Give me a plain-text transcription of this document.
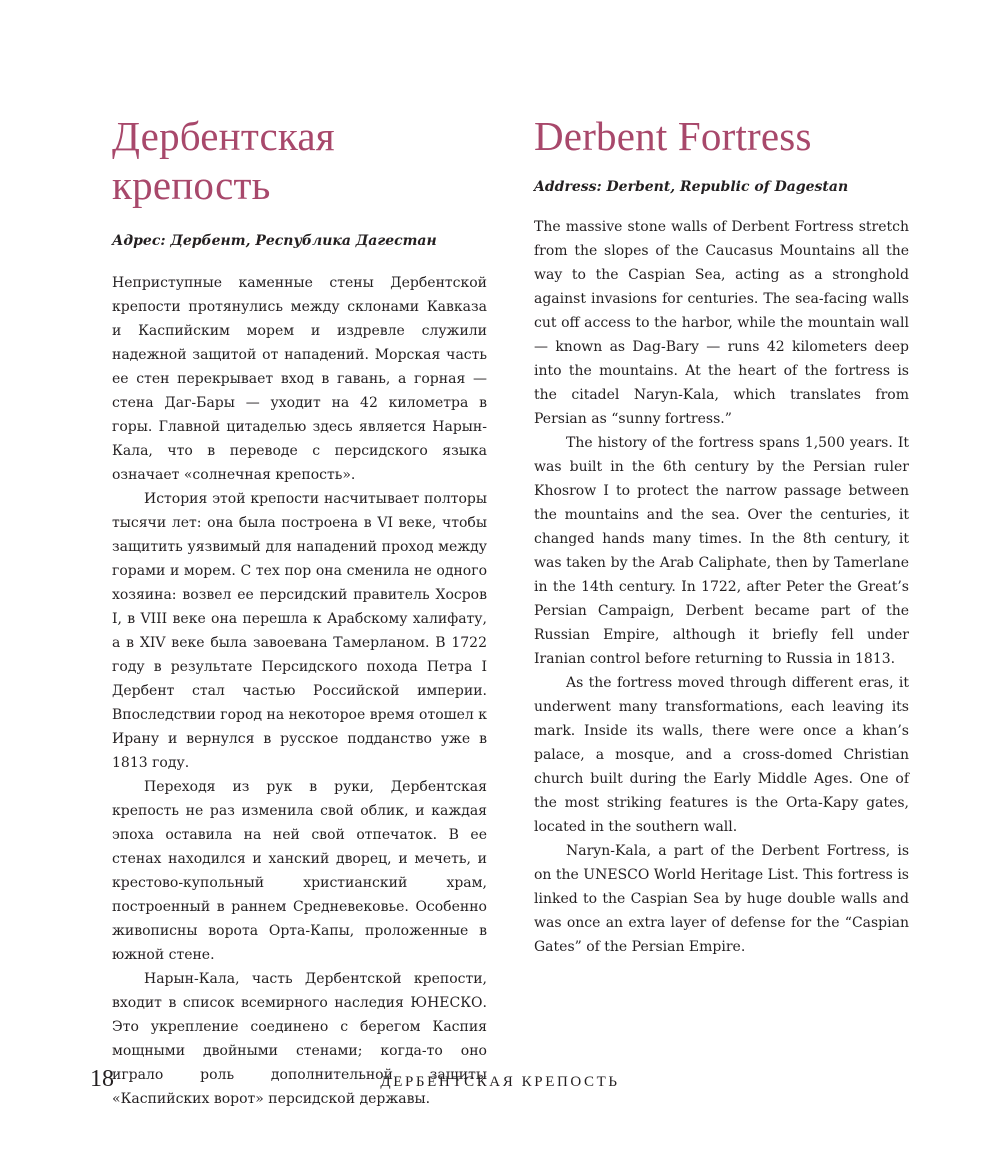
Дербентская крепость

Адрес: Дербент, Республика Дагестан

Неприступные каменные стены Дербентской крепости протянулись между склонами Кавказа и Каспийским морем и издревле служили надежной защитой от нападений. Морская часть ее стен перекрывает вход в гавань, а горная — стена Даг-Бары — уходит на 42 километра в горы. Главной цитаделью здесь является Нарын-Кала, что в переводе с персидского языка означает «солнечная крепость».

История этой крепости насчитывает полторы тысячи лет: она была построена в VI веке, чтобы защитить уязвимый для нападений проход между горами и морем. С тех пор она сменила не одного хозяина: возвел ее персидский правитель Хосров I, в VIII веке она перешла к Арабскому халифату, а в XIV веке была завоевана Тамерланом. В 1722 году в результате Персидского похода Петра I Дербент стал частью Российской империи. Впоследствии город на некоторое время отошел к Ирану и вернулся в русское подданство уже в 1813 году.

Переходя из рук в руки, Дербентская крепость не раз изменила свой облик, и каждая эпоха оставила на ней свой отпечаток. В ее стенах находился и ханский дворец, и мечеть, и крестово-купольный христианский храм, построенный в раннем Средневековье. Особенно живописны ворота Орта-Капы, проложенные в южной стене.

Нарын-Кала, часть Дербентской крепости, входит в список всемирного наследия ЮНЕСКО. Это укрепление соединено с берегом Каспия мощными двойными стенами; когда-то оно играло роль дополнительной защиты «Каспийских ворот» персидской державы.

Derbent Fortress

Address: Derbent, Republic of Dagestan

The massive stone walls of Derbent Fortress stretch from the slopes of the Caucasus Mountains all the way to the Caspian Sea, acting as a stronghold against invasions for centuries. The sea-facing walls cut off access to the harbor, while the mountain wall — known as Dag-Bary — runs 42 kilometers deep into the mountains. At the heart of the fortress is the citadel Naryn-Kala, which translates from Persian as “sunny fortress.”

The history of the fortress spans 1,500 years. It was built in the 6th century by the Persian ruler Khosrow I to protect the narrow passage between the mountains and the sea. Over the centuries, it changed hands many times. In the 8th century, it was taken by the Arab Caliphate, then by Tamerlane in the 14th century. In 1722, after Peter the Great’s Persian Campaign, Derbent became part of the Russian Empire, although it briefly fell under Iranian control before returning to Russia in 1813.

As the fortress moved through different eras, it underwent many transformations, each leaving its mark. Inside its walls, there were once a khan’s palace, a mosque, and a cross-domed Christian church built during the Early Middle Ages. One of the most striking features is the Orta-Kapy gates, located in the southern wall.

Naryn-Kala, a part of the Derbent Fortress, is on the UNESCO World Heritage List. This fortress is linked to the Caspian Sea by huge double walls and was once an extra layer of defense for the “Caspian Gates” of the Persian Empire.

18	ДЕРБЕНТСКАЯ КРЕПОСТЬ
